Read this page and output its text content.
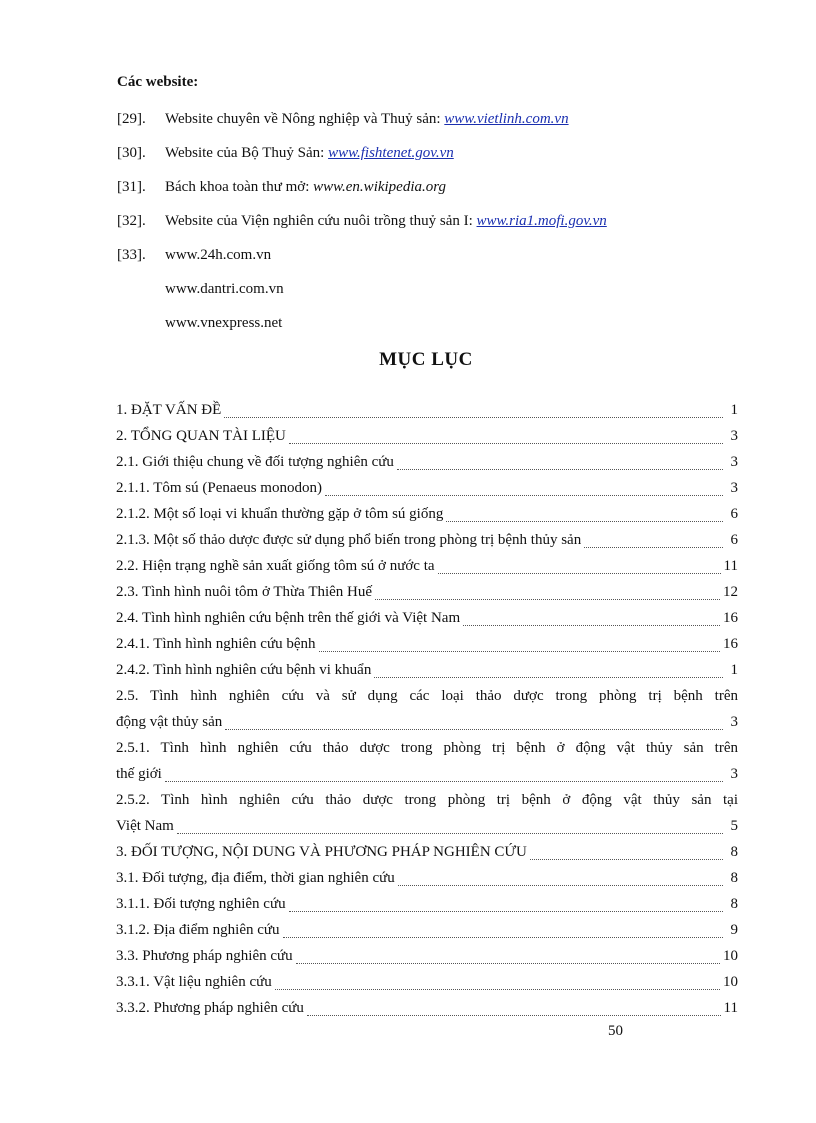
Các website:
[29]. Website chuyên về Nông nghiệp và Thuỷ sản: www.vietlinh.com.vn
[30]. Website của Bộ Thuỷ Sản: www.fishtenet.gov.vn
[31]. Bách khoa toàn thư mở: www.en.wikipedia.org
[32]. Website của Viện nghiên cứu nuôi trồng thuỷ sản I: www.ria1.mofi.gov.vn
[33]. www.24h.com.vn
www.dantri.com.vn
www.vnexpress.net
MỤC LỤC
1. ĐẶT VẤN ĐỀ	1
2. TỔNG QUAN TÀI LIỆU	3
2.1. Giới thiệu chung về đối tượng nghiên cứu	3
2.1.1. Tôm sú (Penaeus monodon)	3
2.1.2. Một số loại vi khuẩn thường gặp ở tôm sú giống	6
2.1.3. Một số thảo dược được sử dụng phổ biến trong phòng trị bệnh thủy sản	6
2.2. Hiện trạng nghề sản xuất giống tôm sú ở nước ta	11
2.3. Tình hình nuôi tôm ở Thừa Thiên Huế	12
2.4. Tình hình nghiên cứu bệnh trên thế giới và Việt Nam	16
2.4.1. Tình hình nghiên cứu bệnh	16
2.4.2. Tình hình nghiên cứu bệnh vi khuẩn	1
2.5. Tình hình nghiên cứu và sử dụng các loại thảo dược trong phòng trị bệnh trên
động vật thủy sản	3
2.5.1. Tình hình nghiên cứu thảo dược trong phòng trị bệnh ở động vật thủy sản trên
thế giới	3
2.5.2. Tình hình nghiên cứu thảo dược trong phòng trị bệnh ở động vật thủy sản tại
Việt Nam	5
3. ĐỐI TƯỢNG, NỘI DUNG VÀ PHƯƠNG PHÁP NGHIÊN CỨU	8
3.1. Đối tượng, địa điểm, thời gian nghiên cứu	8
3.1.1. Đối tượng nghiên cứu	8
3.1.2. Địa điểm nghiên cứu	9
3.3. Phương pháp nghiên cứu	10
3.3.1. Vật liệu nghiên cứu	10
3.3.2. Phương pháp nghiên cứu	11
50
